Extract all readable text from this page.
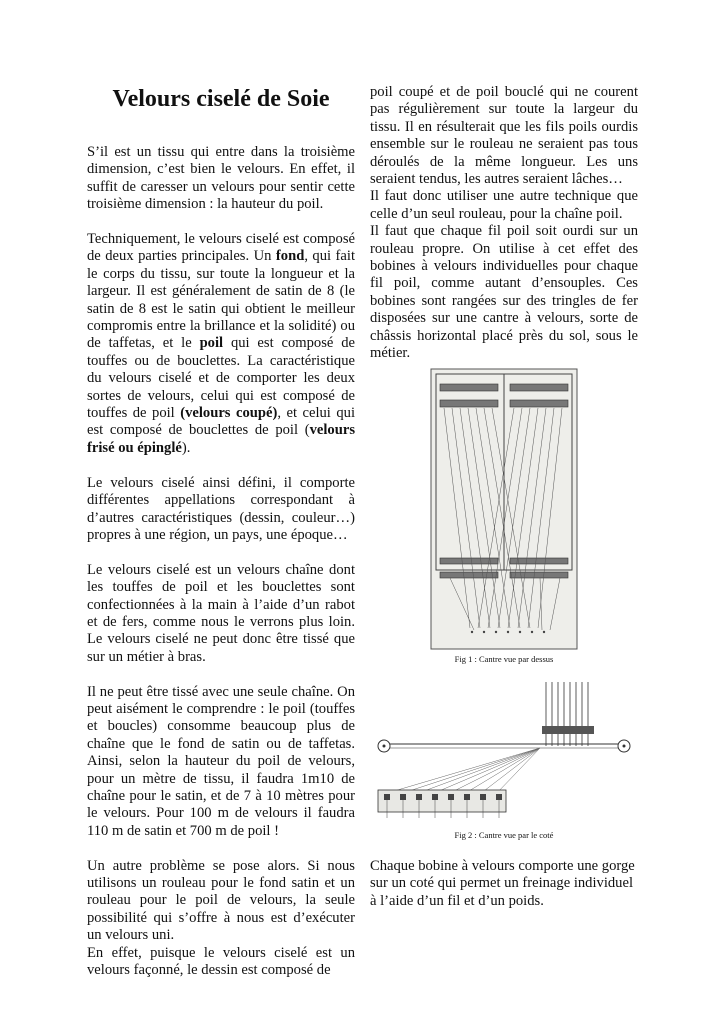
Velours ciselé de Soie

S’il est un tissu qui entre dans la troisième dimension, c’est bien le velours. En effet, il suffit de caresser un velours pour sentir cette troisième dimension : la hauteur du poil.

Techniquement, le velours ciselé est composé de deux parties principales. Un fond, qui fait le corps du tissu, sur toute la longueur et la largeur. Il est généralement de satin de 8 (le satin de 8 est le satin qui obtient le meilleur compromis entre la brillance et la solidité) ou de taffetas, et le poil qui est composé de touffes ou de bouclettes. La caractéristique du velours ciselé et de comporter les deux sortes de velours, celui qui est composé de touffes de poil (velours coupé), et celui qui est composé de bouclettes de poil (velours frisé ou épinglé).

Le velours ciselé ainsi défini, il comporte différentes appellations correspondant à d’autres caractéristiques (dessin, couleur…) propres à une région, un pays, une époque…

Le velours ciselé est un velours chaîne dont les touffes de poil et les bouclettes sont confectionnées à la main à l’aide d’un rabot et de fers, comme nous le verrons plus loin. Le velours ciselé ne peut donc être tissé que sur un métier à bras.

Il ne peut être tissé avec une seule chaîne. On peut aisément le comprendre : le poil (touffes et boucles) consomme beaucoup plus de chaîne que le fond de satin ou de taffetas. Ainsi, selon la hauteur du poil de velours, pour un mètre de tissu, il faudra 1m10 de chaîne pour le satin, et de 7 à 10 mètres pour le velours. Pour 100 m de velours il faudra 110 m de satin et 700 m de poil !

Un autre problème se pose alors. Si nous utilisons un rouleau pour le fond satin et un rouleau pour le poil de velours, la seule possibilité qui s’offre à nous est d’exécuter un velours uni.

En effet, puisque le velours ciselé est un velours façonné, le dessin est composé de

poil coupé et de poil bouclé qui ne courent pas régulièrement sur toute la largeur du tissu. Il en résulterait que les fils poils ourdis ensemble sur le rouleau ne seraient pas tous déroulés de la même longueur. Les uns seraient tendus, les autres seraient lâches…

Il faut donc utiliser une autre technique que celle d’un seul rouleau, pour la chaîne poil.

Il faut que chaque fil poil soit ourdi sur un rouleau propre. On utilise à cet effet des bobines à velours individuelles pour chaque fil poil, comme autant d’ensouples. Ces bobines sont rangées sur des tringles de fer disposées sur une cantre à velours, sorte de châssis horizontal placé près du sol, sous le métier.

Fig 1 : Cantre vue par dessus
Fig 2 : Cantre vue par le coté
Chaque bobine à velours comporte une gorge sur un coté qui permet un freinage individuel à l’aide d’un fil et d’un poids.
